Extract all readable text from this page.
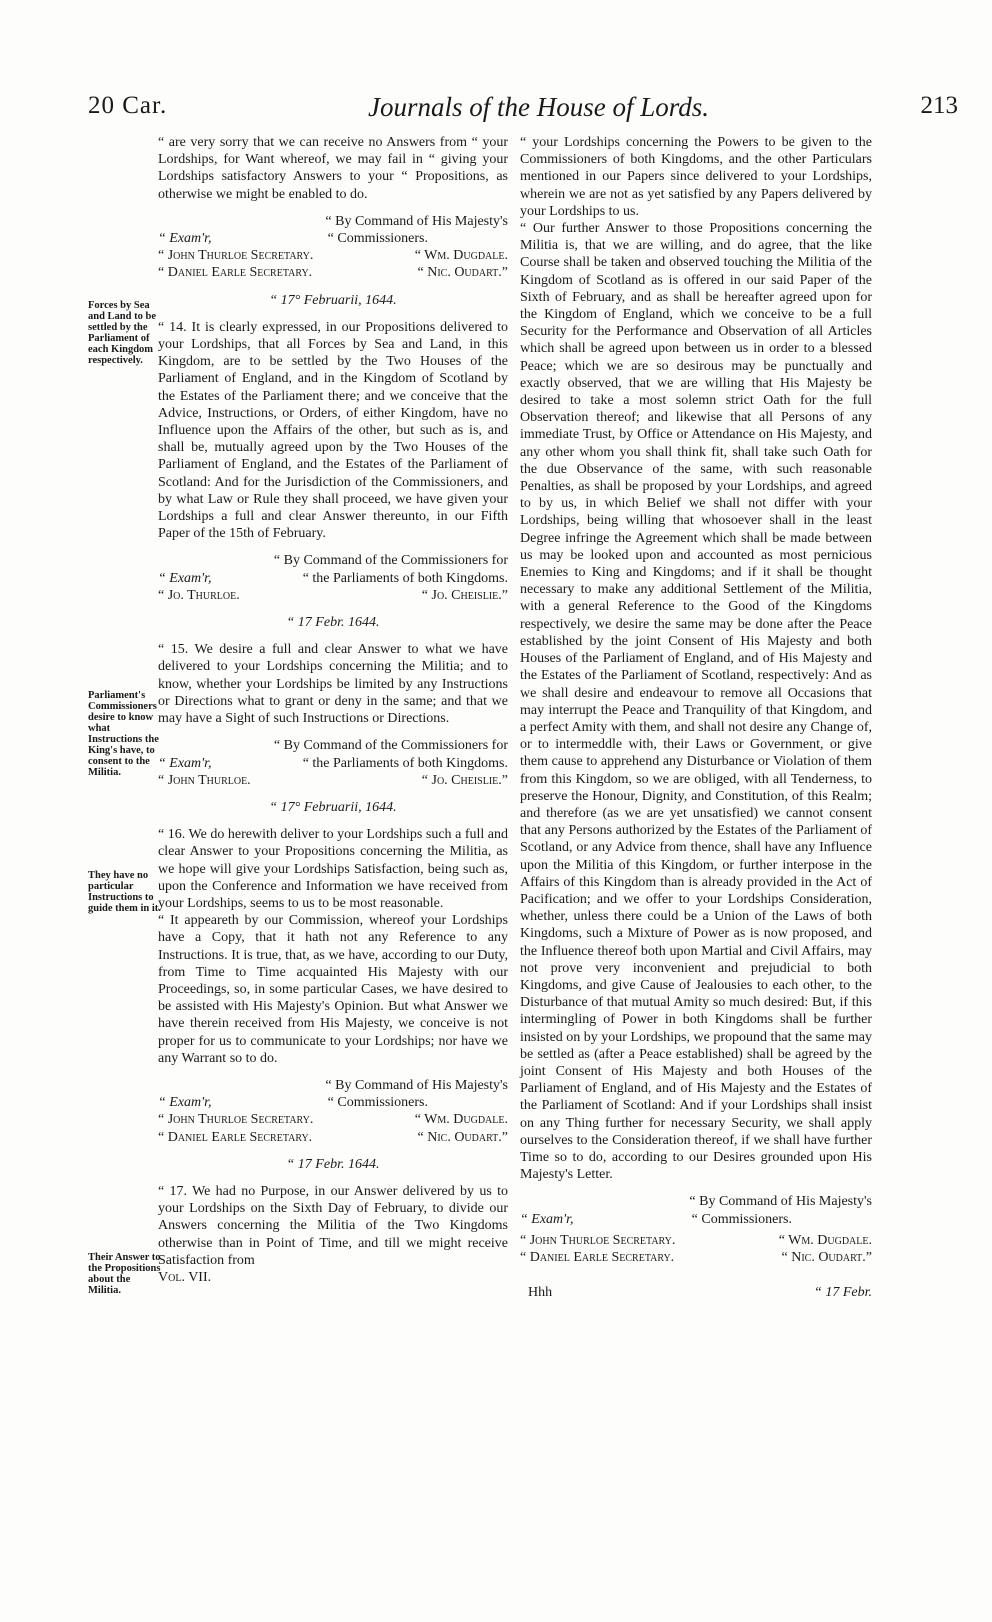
20 Car.	Journals of the House of Lords.	213
Forces by Sea and Land to be settled by the Parliament of each Kingdom respectively.
Parliament's Commissioners desire to know what Instructions the King's have, to consent to the Militia.
They have no particular Instructions to guide them in it.
Their Answer to the Propositions about the Militia.

“ are very sorry that we can receive no Answers from “ your Lordships, for Want whereof, we may fail in “ giving your Lordships satisfactory Answers to your “ Propositions, as otherwise we might be enabled to do.

“ By Command of His Majesty's

“ Exam'r,	“ Commissioners.
“ John Thurloe Secretary.	“ Wm. Dugdale.
“ Daniel Earle Secretary.	“ Nic. Oudart.”

“ 17° Februarii, 1644.

“ 14. It is clearly expressed, in our Propositions delivered to your Lordships, that all Forces by Sea and Land, in this Kingdom, are to be settled by the Two Houses of the Parliament of England, and in the Kingdom of Scotland by the Estates of the Parliament there; and we conceive that the Advice, Instructions, or Orders, of either Kingdom, have no Influence upon the Affairs of the other, but such as is, and shall be, mutually agreed upon by the Two Houses of the Parliament of England, and the Estates of the Parliament of Scotland: And for the Jurisdiction of the Commissioners, and by what Law or Rule they shall proceed, we have given your Lordships a full and clear Answer thereunto, in our Fifth Paper of the 15th of February.

“ By Command of the Commissioners for

“ Exam'r,	“ the Parliaments of both Kingdoms.
“ Jo. Thurloe.	“ Jo. Cheislie.”

“ 17 Febr. 1644.

“ 15. We desire a full and clear Answer to what we have delivered to your Lordships concerning the Militia; and to know, whether your Lordships be limited by any Instructions or Directions what to grant or deny in the same; and that we may have a Sight of such Instructions or Directions.

“ By Command of the Commissioners for

“ Exam'r,	“ the Parliaments of both Kingdoms.
“ John Thurloe.	“ Jo. Cheislie.”

“ 17° Februarii, 1644.

“ 16. We do herewith deliver to your Lordships such a full and clear Answer to your Propositions concerning the Militia, as we hope will give your Lordships Satisfaction, being such as, upon the Conference and Information we have received from your Lordships, seems to us to be most reasonable.

“ It appeareth by our Commission, whereof your Lordships have a Copy, that it hath not any Reference to any Instructions. It is true, that, as we have, according to our Duty, from Time to Time acquainted His Majesty with our Proceedings, so, in some particular Cases, we have desired to be assisted with His Majesty's Opinion. But what Answer we have therein received from His Majesty, we conceive is not proper for us to communicate to your Lordships; nor have we any Warrant so to do.

“ By Command of His Majesty's

“ Exam'r,	“ Commissioners.
“ John Thurloe Secretary.	“ Wm. Dugdale.
“ Daniel Earle Secretary.	“ Nic. Oudart.”

“ 17 Febr. 1644.

“ 17. We had no Purpose, in our Answer delivered by us to your Lordships on the Sixth Day of February, to divide our Answers concerning the Militia of the Two Kingdoms otherwise than in Point of Time, and till we might receive Satisfaction from

Vol. VII.

“ your Lordships concerning the Powers to be given to the Commissioners of both Kingdoms, and the other Particulars mentioned in our Papers since delivered to your Lordships, wherein we are not as yet satisfied by any Papers delivered by your Lordships to us.

“ Our further Answer to those Propositions concerning the Militia is, that we are willing, and do agree, that the like Course shall be taken and observed touching the Militia of the Kingdom of Scotland as is offered in our said Paper of the Sixth of February, and as shall be hereafter agreed upon for the Kingdom of England, which we conceive to be a full Security for the Performance and Observation of all Articles which shall be agreed upon between us in order to a blessed Peace; which we are so desirous may be punctually and exactly observed, that we are willing that His Majesty be desired to take a most solemn strict Oath for the full Observation thereof; and likewise that all Persons of any immediate Trust, by Office or Attendance on His Majesty, and any other whom you shall think fit, shall take such Oath for the due Observance of the same, with such reasonable Penalties, as shall be proposed by your Lordships, and agreed to by us, in which Belief we shall not differ with your Lordships, being willing that whosoever shall in the least Degree infringe the Agreement which shall be made between us may be looked upon and accounted as most pernicious Enemies to King and Kingdoms; and if it shall be thought necessary to make any additional Settlement of the Militia, with a general Reference to the Good of the Kingdoms respectively, we desire the same may be done after the Peace established by the joint Consent of His Majesty and both Houses of the Parliament of England, and of His Majesty and the Estates of the Parliament of Scotland, respectively: And as we shall desire and endeavour to remove all Occasions that may interrupt the Peace and Tranquility of that Kingdom, and a perfect Amity with them, and shall not desire any Change of, or to intermeddle with, their Laws or Government, or give them cause to apprehend any Disturbance or Violation of them from this Kingdom, so we are obliged, with all Tenderness, to preserve the Honour, Dignity, and Constitution, of this Realm; and therefore (as we are yet unsatisfied) we cannot consent that any Persons authorized by the Estates of the Parliament of Scotland, or any Advice from thence, shall have any Influence upon the Militia of this Kingdom, or further interpose in the Affairs of this Kingdom than is already provided in the Act of Pacification; and we offer to your Lordships Consideration, whether, unless there could be a Union of the Laws of both Kingdoms, such a Mixture of Power as is now proposed, and the Influence thereof both upon Martial and Civil Affairs, may not prove very inconvenient and prejudicial to both Kingdoms, and give Cause of Jealousies to each other, to the Disturbance of that mutual Amity so much desired: But, if this intermingling of Power in both Kingdoms shall be further insisted on by your Lordships, we propound that the same may be settled as (after a Peace established) shall be agreed by the joint Consent of His Majesty and both Houses of the Parliament of England, and of His Majesty and the Estates of the Parliament of Scotland: And if your Lordships shall insist on any Thing further for necessary Security, we shall apply ourselves to the Consideration thereof, if we shall have further Time so to do, according to our Desires grounded upon His Majesty's Letter.

“ By Command of His Majesty's

“ Exam'r,	“ Commissioners.
“ John Thurloe Secretary.	“ Wm. Dugdale.
“ Daniel Earle Secretary.	“ Nic. Oudart.”
Hhh	“ 17 Febr.
